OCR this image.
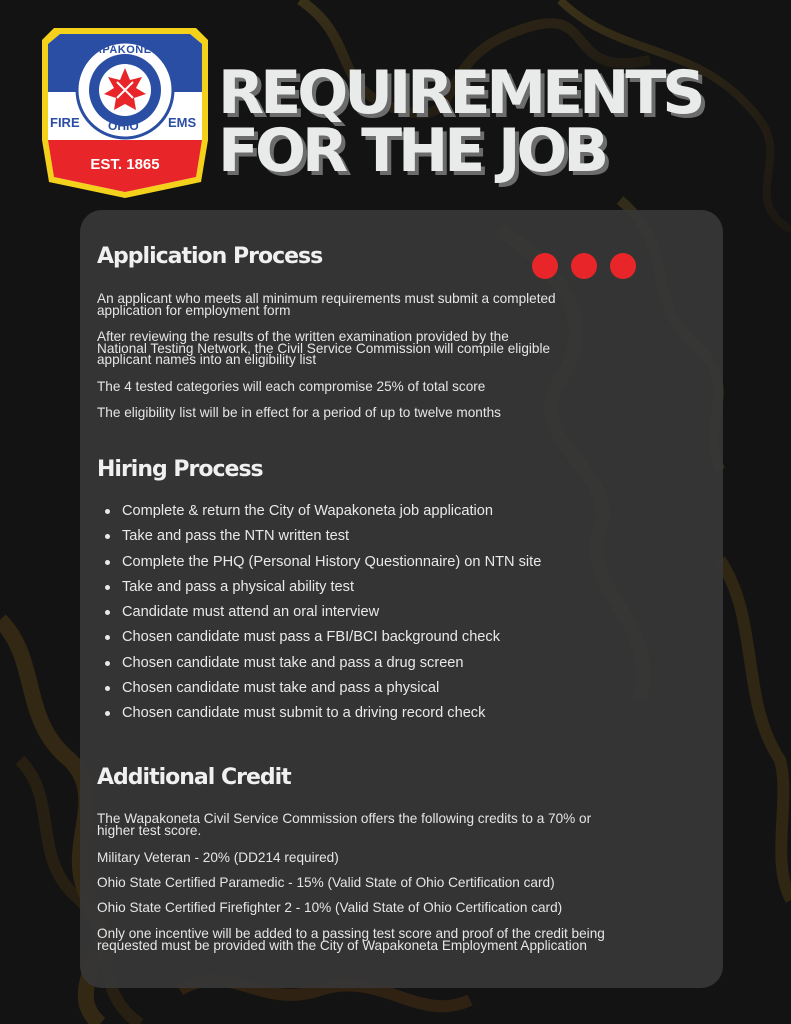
WAPAKONETA
FIRE OHIO EMS
EST. 1865
REQUIREMENTS
FOR THE JOB
Application Process

An applicant who meets all minimum requirements must submit a completed application for employment form

After reviewing the results of the written examination provided by the National Testing Network, the Civil Service Commission will compile eligible applicant names into an eligibility list

The 4 tested categories will each compromise 25% of total score

The eligibility list will be in effect for a period of up to twelve months

Hiring Process
Complete & return the City of Wapakoneta job application
Take and pass the NTN written test
Complete the PHQ (Personal History Questionnaire) on NTN site
Take and pass a physical ability test
Candidate must attend an oral interview
Chosen candidate must pass a FBI/BCI background check
Chosen candidate must take and pass a drug screen
Chosen candidate must take and pass a physical
Chosen candidate must submit to a driving record check
Additional Credit

The Wapakoneta Civil Service Commission offers the following credits to a 70% or higher test score.

Military Veteran - 20% (DD214 required)

Ohio State Certified Paramedic - 15% (Valid State of Ohio Certification card)

Ohio State Certified Firefighter 2 - 10% (Valid State of Ohio Certification card)

Only one incentive will be added to a passing test score and proof of the credit being requested must be provided with the City of Wapakoneta Employment Application
